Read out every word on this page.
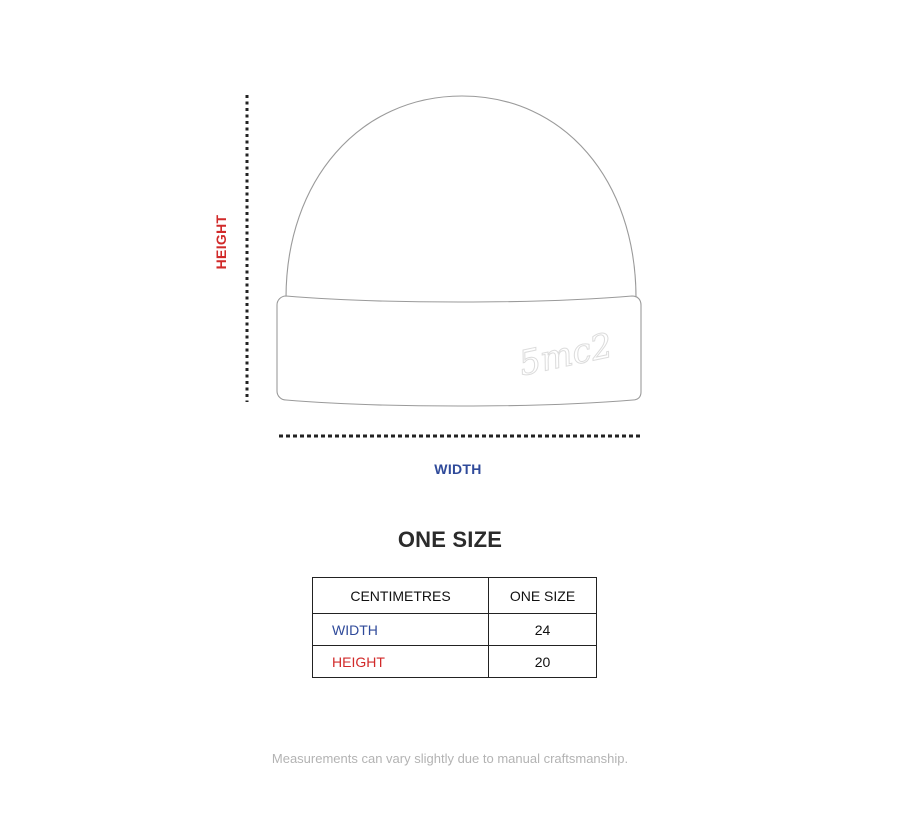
5mc2
HEIGHT
WIDTH
ONE SIZE
CENTIMETRES	ONE SIZE
WIDTH	24
HEIGHT	20
Measurements can vary slightly due to manual craftsmanship.
